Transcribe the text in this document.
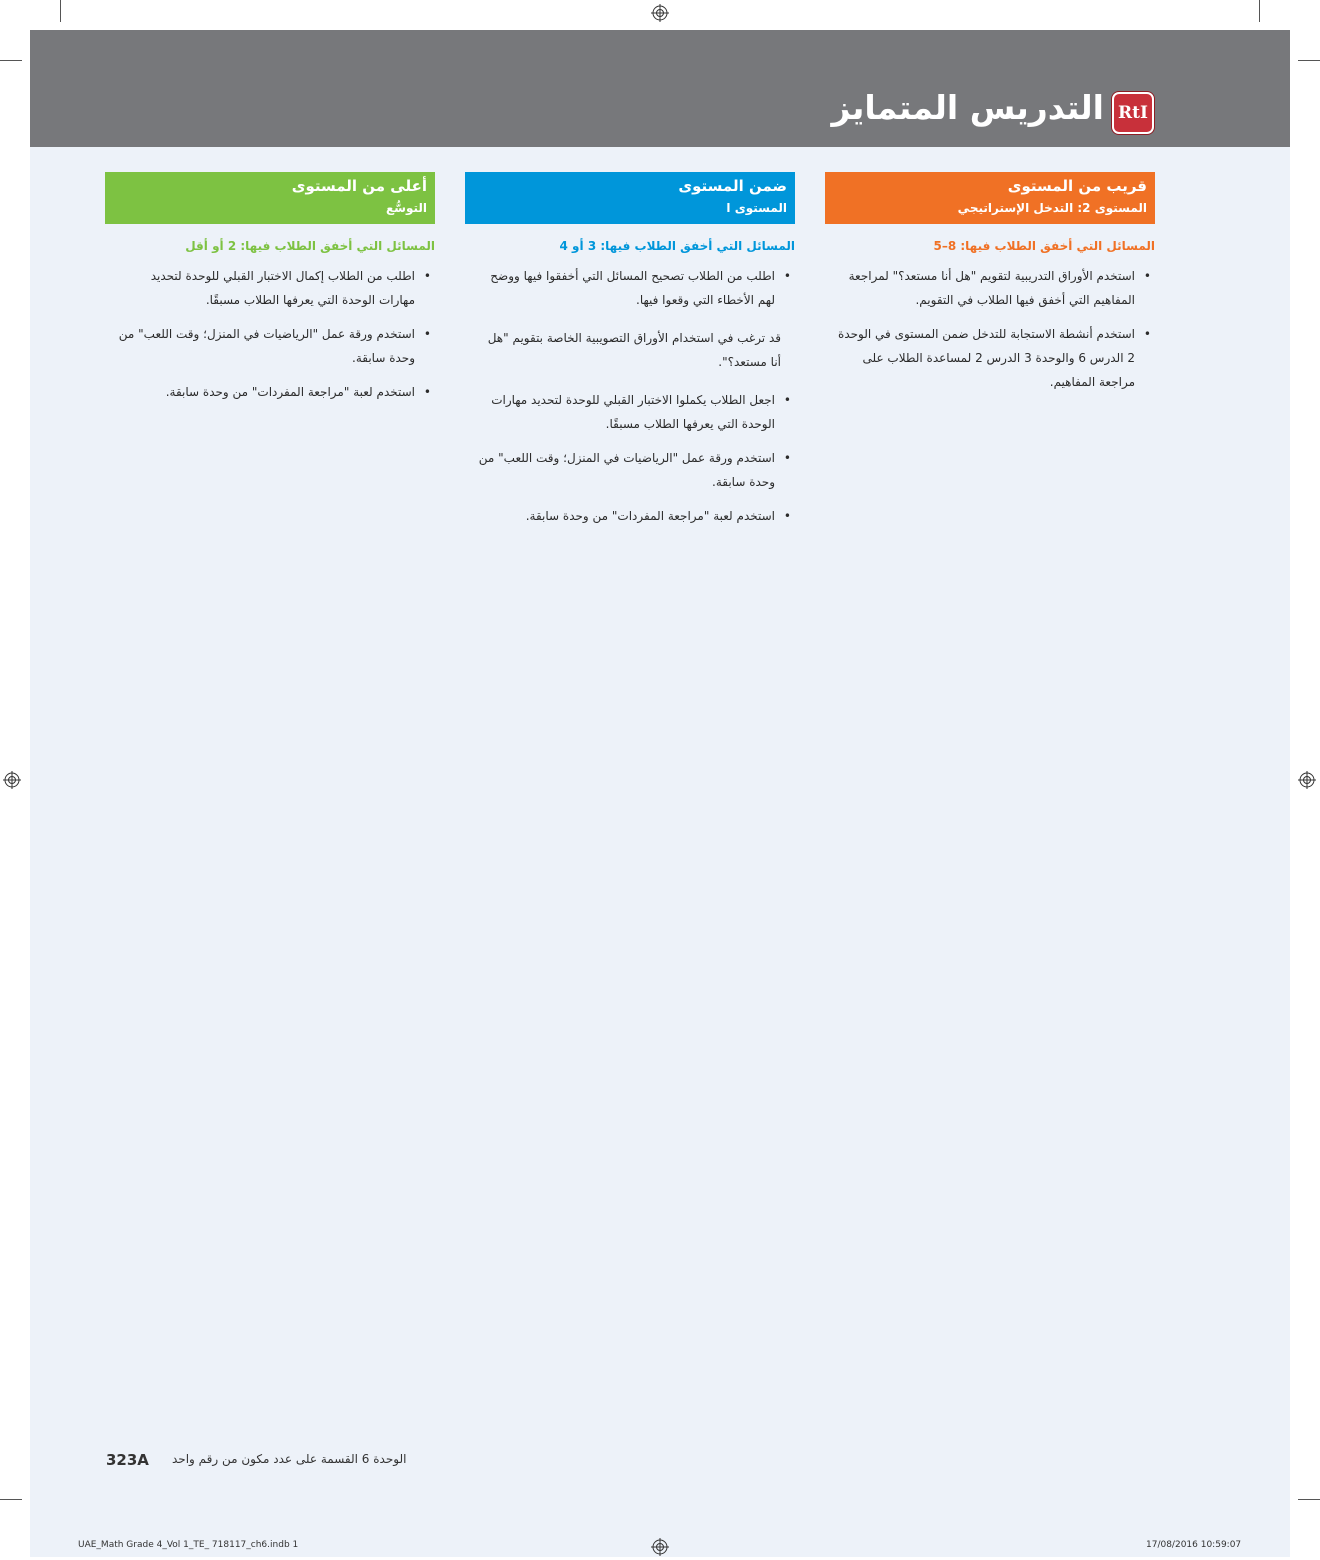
التدريس المتمايز RtI
قريب من المستوى
المستوى 2: التدخل الإستراتيجي
المسائل التي أخفق الطلاب فيها: 8–5
• استخدم الأوراق التدريبية لتقويم "هل أنا مستعد؟" لمراجعة المفاهيم التي أخفق فيها الطلاب في التقويم.
• استخدم أنشطة الاستجابة للتدخل ضمن المستوى في الوحدة 2 الدرس 6 والوحدة 3 الدرس 2 لمساعدة الطلاب على مراجعة المفاهيم.
ضمن المستوى
المستوى ا
المسائل التي أخفق الطلاب فيها: 3 أو 4
• اطلب من الطلاب تصحيح المسائل التي أخفقوا فيها ووضح لهم الأخطاء التي وقعوا فيها.
قد ترغب في استخدام الأوراق التصويبية الخاصة بتقويم "هل أنا مستعد؟".
• اجعل الطلاب يكملوا الاختبار القبلي للوحدة لتحديد مهارات الوحدة التي يعرفها الطلاب مسبقًا.
• استخدم ورقة عمل "الرياضيات في المنزل؛ وقت اللعب" من وحدة سابقة.
• استخدم لعبة "مراجعة المفردات" من وحدة سابقة.
أعلى من المستوى
التوسُّع
المسائل التي أخفق الطلاب فيها: 2 أو أقل
• اطلب من الطلاب إكمال الاختبار القبلي للوحدة لتحديد مهارات الوحدة التي يعرفها الطلاب مسبقًا.
• استخدم ورقة عمل "الرياضيات في المنزل؛ وقت اللعب" من وحدة سابقة.
• استخدم لعبة "مراجعة المفردات" من وحدة سابقة.
323A الوحدة 6 القسمة على عدد مكون من رقم واحد
UAE_Math Grade 4_Vol 1_TE_ 718117_ch6.indb 1	17/08/2016 10:59:07
